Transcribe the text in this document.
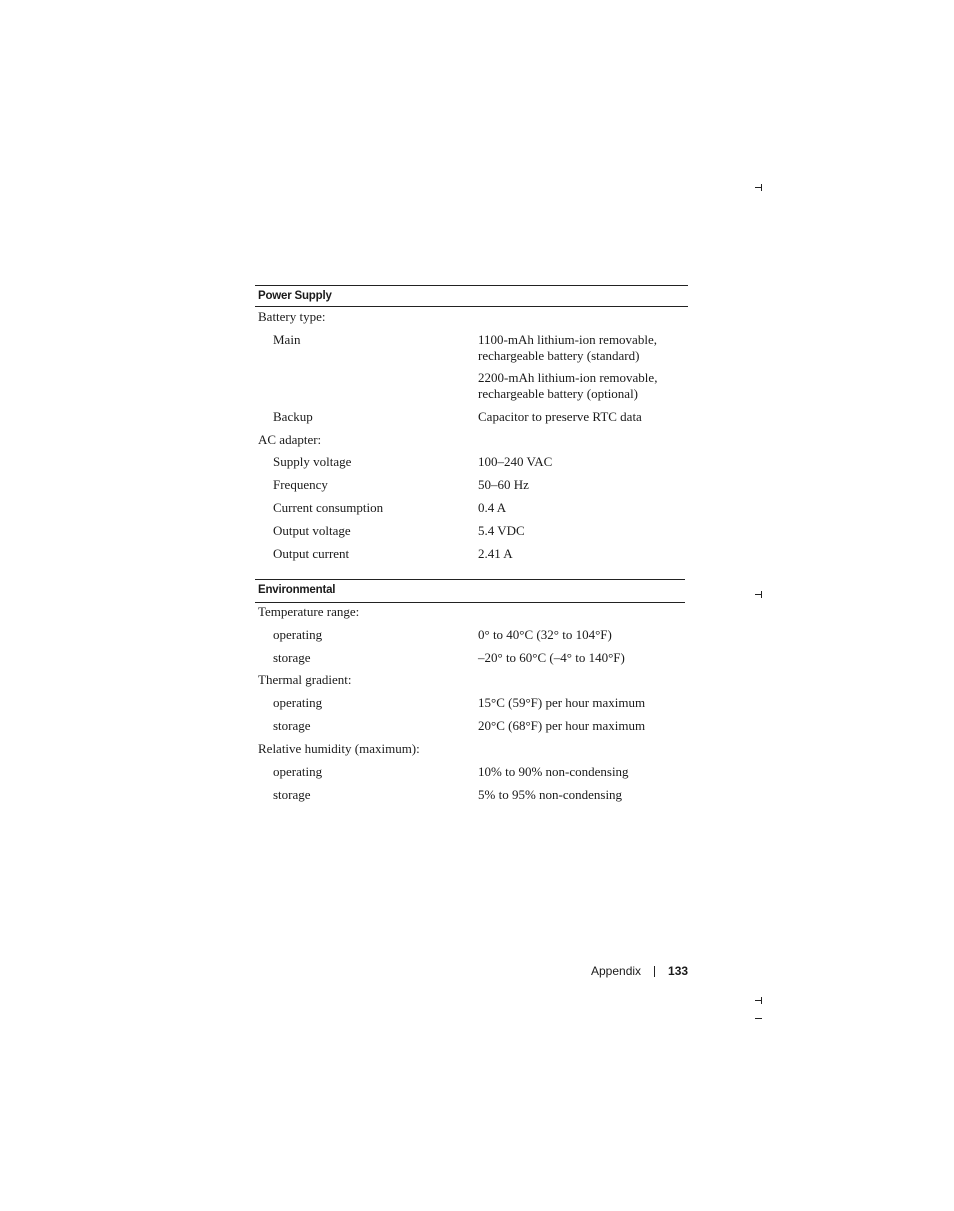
Power Supply
Battery type:
Main	1100-mAh lithium-ion removable, rechargeable battery (standard)
2200-mAh lithium-ion removable, rechargeable battery (optional)
Backup	Capacitor to preserve RTC data
AC adapter:
Supply voltage	100–240 VAC
Frequency	50–60 Hz
Current consumption	0.4 A
Output voltage	5.4 VDC
Output current	2.41 A
Environmental
Temperature range:
operating	0° to 40°C (32° to 104°F)
storage	–20° to 60°C (–4° to 140°F)
Thermal gradient:
operating	15°C (59°F) per hour maximum
storage	20°C (68°F) per hour maximum
Relative humidity (maximum):
operating	10% to 90% non-condensing
storage	5% to 95% non-condensing
Appendix 133
